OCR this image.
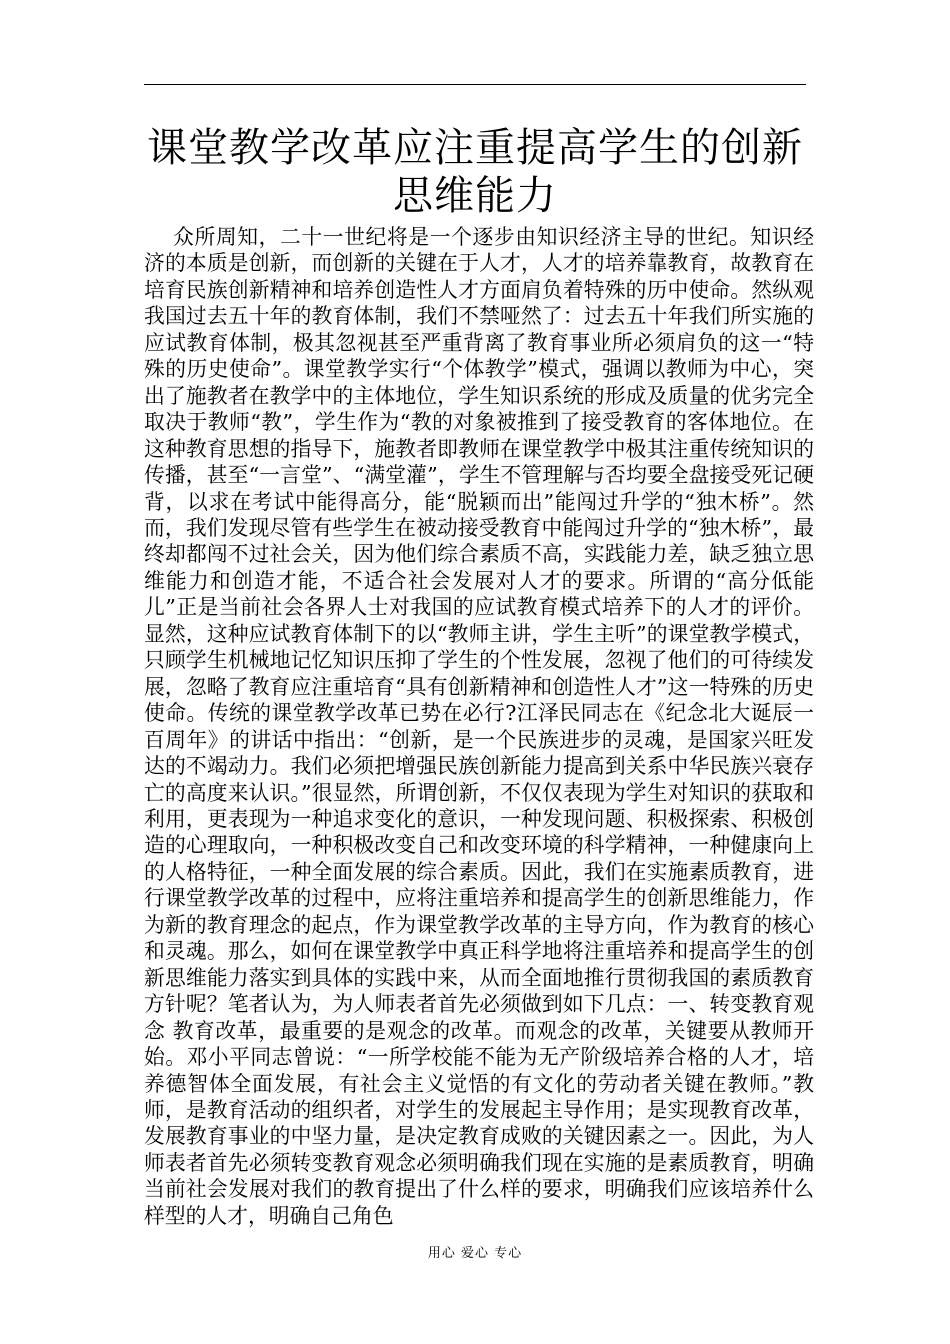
课堂教学改革应注重提高学生的创新思维能力

众所周知，二十一世纪将是一个逐步由知识经济主导的世纪。知识经济的本质是创新，而创新的关键在于人才，人才的培养靠教育，故教育在培育民族创新精神和培养创造性人才方面肩负着特殊的历中使命。然纵观我国过去五十年的教育体制，我们不禁哑然了：过去五十年我们所实施的应试教育体制，极其忽视甚至严重背离了教育事业所必须肩负的这一“特殊的历史使命”。课堂教学实行“个体教学”模式，强调以教师为中心，突出了施教者在教学中的主体地位，学生知识系统的形成及质量的优劣完全取决于教师“教”，学生作为“教的对象被推到了接受教育的客体地位。在这种教育思想的指导下，施教者即教师在课堂教学中极其注重传统知识的传播，甚至“一言堂”、“满堂灌”，学生不管理解与否均要全盘接受死记硬背，以求在考试中能得高分，能“脱颖而出”能闯过升学的“独木桥”。然而，我们发现尽管有些学生在被动接受教育中能闯过升学的“独木桥”，最终却都闯不过社会关，因为他们综合素质不高，实践能力差，缺乏独立思维能力和创造才能，不适合社会发展对人才的要求。所谓的“高分低能儿”正是当前社会各界人士对我国的应试教育模式培养下的人才的评价。显然，这种应试教育体制下的以“教师主讲，学生主听”的课堂教学模式，只顾学生机械地记忆知识压抑了学生的个性发展，忽视了他们的可待续发展，忽略了教育应注重培育“具有创新精神和创造性人才”这一特殊的历史使命。传统的课堂教学改革已势在必行?江泽民同志在《纪念北大诞辰一百周年》的讲话中指出：“创新，是一个民族进步的灵魂，是国家兴旺发达的不竭动力。我们必须把增强民族创新能力提高到关系中华民族兴衰存亡的高度来认识。”很显然，所谓创新，不仅仅表现为学生对知识的获取和利用，更表现为一种追求变化的意识，一种发现问题、积极探索、积极创造的心理取向，一种积极改变自己和改变环境的科学精神，一种健康向上的人格特征，一种全面发展的综合素质。因此，我们在实施素质教育，进行课堂教学改革的过程中，应将注重培养和提高学生的创新思维能力，作为新的教育理念的起点，作为课堂教学改革的主导方向，作为教育的核心和灵魂。那么，如何在课堂教学中真正科学地将注重培养和提高学生的创新思维能力落实到具体的实践中来，从而全面地推行贯彻我国的素质教育方针呢？笔者认为，为人师表者首先必须做到如下几点：一、转变教育观念 教育改革，最重要的是观念的改革。而观念的改革，关键要从教师开始。邓小平同志曾说：“一所学校能不能为无产阶级培养合格的人才，培养德智体全面发展，有社会主义觉悟的有文化的劳动者关键在教师。”教师，是教育活动的组织者，对学生的发展起主导作用；是实现教育改革，发展教育事业的中坚力量，是决定教育成败的关键因素之一。因此，为人师表者首先必须转变教育观念必须明确我们现在实施的是素质教育，明确当前社会发展对我们的教育提出了什么样的要求，明确我们应该培养什么样型的人才，明确自己角色

用心 爱心 专心
